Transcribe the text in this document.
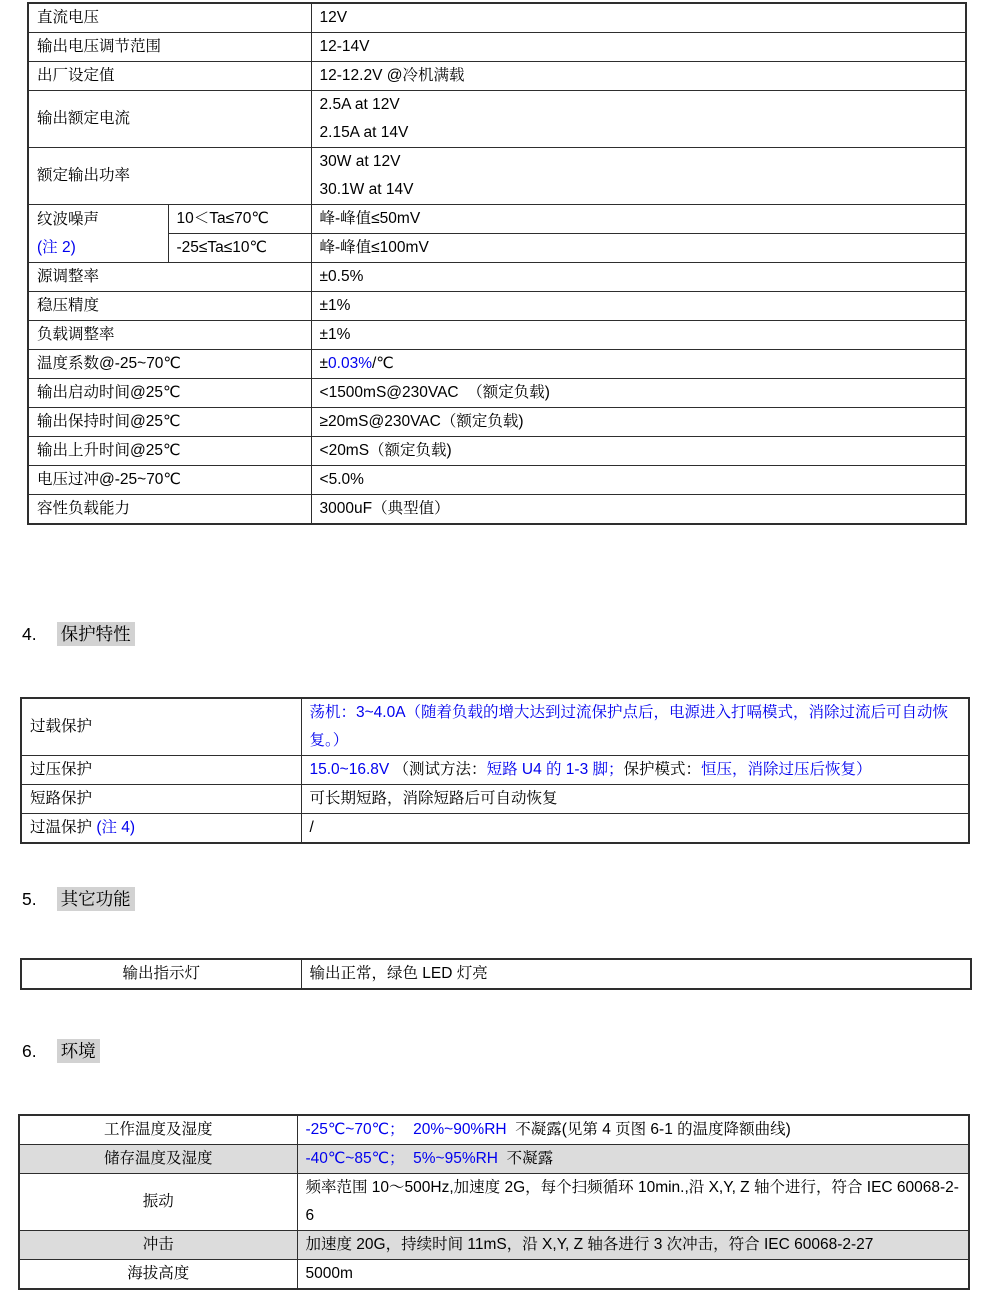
直流电压		12V
输出电压调节范围		12-14V
出厂设定值		12-12.2V @冷机满载
输出额定电流		2.5A at 12V
2.15A at 14V

额定输出功率		30W at 12V
30.1W at 14V

纹波噪声
(注 2)	10＜Ta≤70℃	峰-峰值≤50mV
	-25≤Ta≤10℃	峰-峰值≤100mV
源调整率		±0.5%
稳压精度		±1%
负载调整率		±1%
温度系数@-25~70℃		±0.03%/℃
输出启动时间@25℃		<1500mS@230VAC  （额定负载)
输出保持时间@25℃		≥20mS@230VAC（额定负载)
输出上升时间@25℃		<20mS（额定负载)
电压过冲@-25~70℃		<5.0%
容性负载能力		3000uF（典型值）
4. 保护特性
过载保护	荡机：3~4.0A（随着负载的增大达到过流保护点后，电源进入打嗝模式，消除过流后可自动恢复。）
过压保护	15.0~16.8V （测试方法：短路 U4 的 1-3 脚；保护模式：恒压，消除过压后恢复）
短路保护	可长期短路，消除短路后可自动恢复
过温保护 (注 4)	/
5. 其它功能
输出指示灯	输出正常，绿色 LED 灯亮
6. 环境
工作温度及湿度	-25℃~70℃；  20%~90%RH  不凝露(见第 4 页图 6-1 的温度降额曲线)
储存温度及湿度	-40℃~85℃；  5%~95%RH  不凝露
振动	频率范围 10～500Hz,加速度 2G，每个扫频循环 10min.,沿 X,Y, Z 轴个进行，符合 IEC 60068-2-6
冲击	加速度 20G，持续时间 11mS，沿 X,Y, Z 轴各进行 3 次冲击，符合 IEC 60068-2-27
海拔高度	5000m
